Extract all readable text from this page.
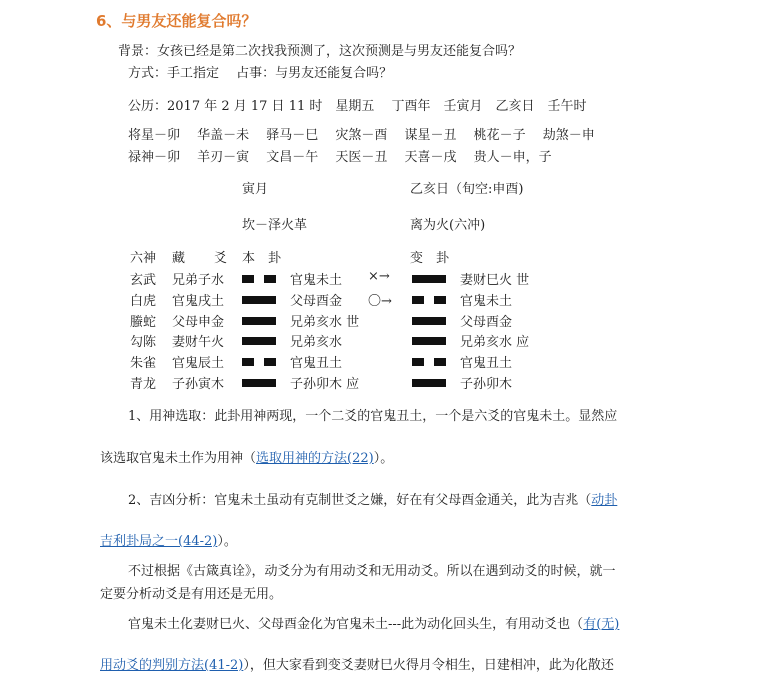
6、与男友还能复合吗？
背景：女孩已经是第二次找我预测了，这次预测是与男友还能复合吗？
方式：手工指定　 占事：与男友还能复合吗？
公历：2017 年 2 月 17 日 11 时　星期五　 丁酉年　壬寅月　乙亥日　壬午时
将星－卯　 华盖－未　 驿马－巳　 灾煞－酉　 谋星－丑　 桃花－子　 劫煞－申
禄神－卯　 羊刃－寅　 文昌－午　 天医－丑　 天喜－戌　 贵人－申，子
寅月	乙亥日（旬空:申酉)
坎－泽火革	离为火(六冲)
六神 藏 爻 本　卦	变　卦
玄武 兄弟子水	官鬼未土 ×→	妻财巳火 世
白虎 官鬼戌土	父母酉金 〇→	官鬼未土
螣蛇 父母申金	兄弟亥水 世	父母酉金
勾陈 妻财午火	兄弟亥水	兄弟亥水 应
朱雀 官鬼辰土	官鬼丑土	官鬼丑土
青龙 子孙寅木	子孙卯木 应	子孙卯木
1、用神选取：此卦用神两现，一个二爻的官鬼丑土，一个是六爻的官鬼未土。显然应
该选取官鬼未土作为用神（选取用神的方法(22)）。
2、吉凶分析：官鬼未土虽动有克制世爻之嫌，好在有父母酉金通关，此为吉兆（动卦
吉利卦局之一(44-2)）。
不过根据《古箴真诠》，动爻分为有用动爻和无用动爻。所以在遇到动爻的时候，就一
定要分析动爻是有用还是无用。
官鬼未土化妻财巳火、父母酉金化为官鬼未土---此为动化回头生，有用动爻也（有(无)
用动爻的判别方法(41-2)），但大家看到变爻妻财巳火得月令相生，日建相冲，此为化散还
